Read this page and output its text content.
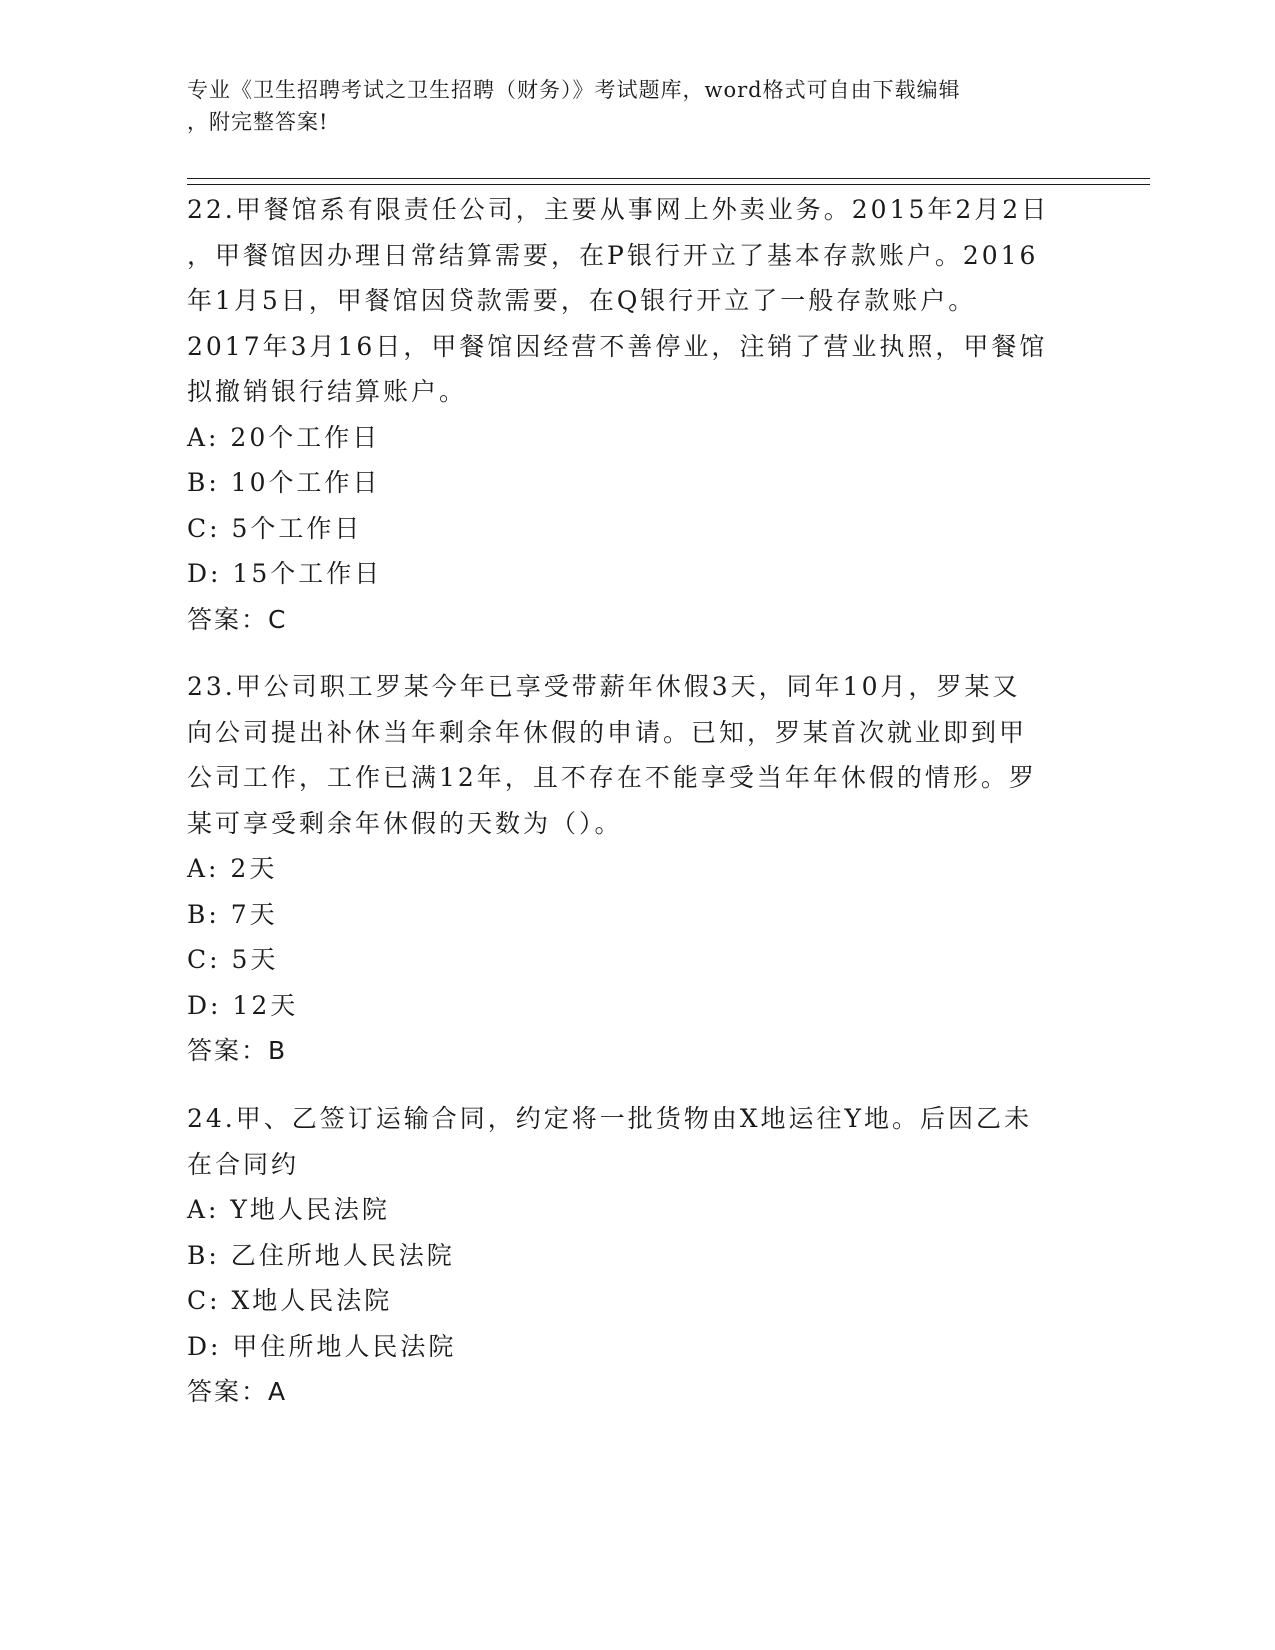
专业《卫生招聘考试之卫生招聘（财务）》考试题库，word格式可自由下载编辑
，附完整答案!
22.甲餐馆系有限责任公司，主要从事网上外卖业务。2015年2月2日
，甲餐馆因办理日常结算需要，在P银行开立了基本存款账户。2016
年1月5日，甲餐馆因贷款需要，在Q银行开立了一般存款账户。
2017年3月16日，甲餐馆因经营不善停业，注销了营业执照，甲餐馆
拟撤销银行结算账户。
A: 20个工作日
B: 10个工作日
C: 5个工作日
D: 15个工作日
答案：C
23.甲公司职工罗某今年已享受带薪年休假3天，同年10月，罗某又
向公司提出补休当年剩余年休假的申请。已知，罗某首次就业即到甲
公司工作，工作已满12年，且不存在不能享受当年年休假的情形。罗
某可享受剩余年休假的天数为（）。
A: 2天
B: 7天
C: 5天
D: 12天
答案：B
24.甲、乙签订运输合同，约定将一批货物由X地运往Y地。后因乙未
在合同约
A: Y地人民法院
B: 乙住所地人民法院
C: X地人民法院
D: 甲住所地人民法院
答案：A
